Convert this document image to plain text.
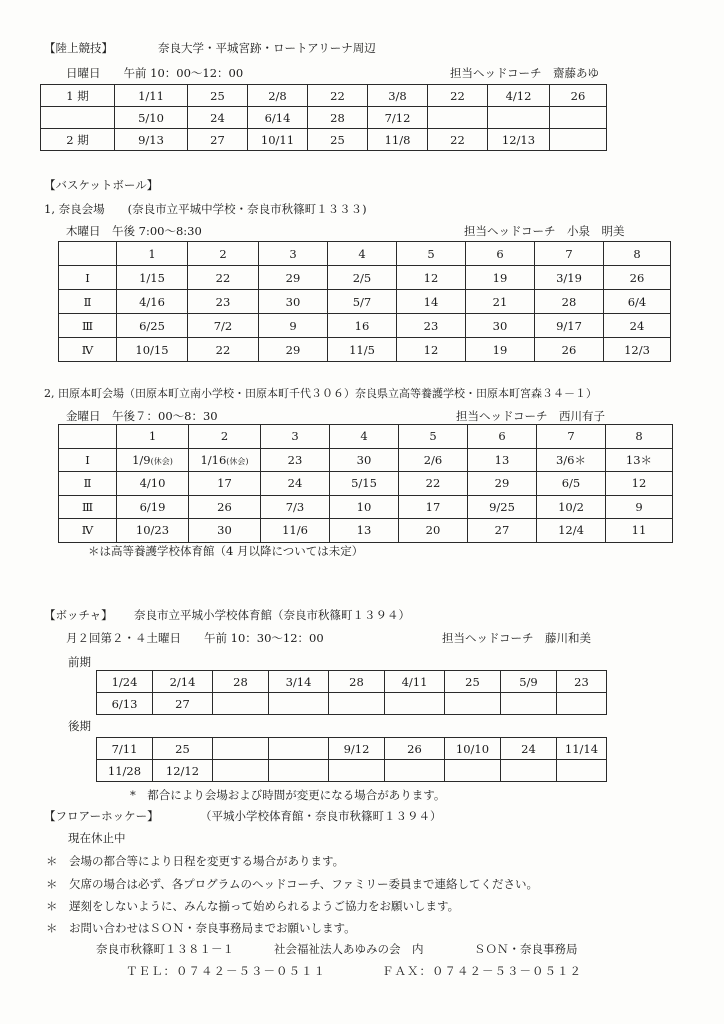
【陸上競技】	奈良大学・平城宮跡・ロートアリーナ周辺
日曜日　　午前 10：00～12：00	担当ヘッドコーチ　齋藤あゆ
1 期	1/11	25	2/8	22	3/8	22	4/12	26
	5/10	24	6/14	28	7/12			
2 期	9/13	27	10/11	25	11/8	22	12/13	
【バスケットボール】
1, 奈良会場　　(奈良市立平城中学校・奈良市秋篠町１３３３)
木曜日　午後 7:00～8:30	担当ヘッドコーチ　小泉　明美
	1	2	3	4	5	6	7	8
Ⅰ	1/15	22	29	2/5	12	19	3/19	26
Ⅱ	4/16	23	30	5/7	14	21	28	6/4
Ⅲ	6/25	7/2	9	16	23	30	9/17	24
Ⅳ	10/15	22	29	11/5	12	19	26	12/3
2, 田原本町会場（田原本町立南小学校・田原本町千代３０６）奈良県立高等養護学校・田原本町宮森３４－１）
金曜日　午後７：00～8：30	担当ヘッドコーチ　西川有子
	1	2	3	4	5	6	7	8
Ⅰ	1/9(休会)	1/16(休会)	23	30	2/6	13	3/6＊	13＊
Ⅱ	4/10	17	24	5/15	22	29	6/5	12
Ⅲ	6/19	26	7/3	10	17	9/25	10/2	9
Ⅳ	10/23	30	11/6	13	20	27	12/4	11
＊は高等養護学校体育館（4 月以降については未定）
【ボッチャ】 奈良市立平城小学校体育館（奈良市秋篠町１３９４）
月２回第２・４土曜日　　午前 10：30～12：00	担当ヘッドコーチ　藤川和美
前期
1/24	2/14	28	3/14	28	4/11	25	5/9	23
6/13	27							
後期
7/11	25			9/12	26	10/10	24	11/14
11/28	12/12							
*　都合により会場および時間が変更になる場合があります。
【フロアーホッケー】	（平城小学校体育館・奈良市秋篠町１３９４）
現在休止中
＊　会場の都合等により日程を変更する場合があります。
＊　欠席の場合は必ず、各プログラムのヘッドコーチ、ファミリー委員まで連絡してください。
＊　遅刻をしないように、みんな揃って始められるようご協力をお願いします。
＊　お問い合わせはＳＯＮ・奈良事務局までお願いします。
奈良市秋篠町１３８１－１	社会福祉法人あゆみの会　内	ＳＯＮ・奈良事務局
ＴＥＬ：０７４２－５３－０５１１	ＦＡＸ：０７４２－５３－０５１２
